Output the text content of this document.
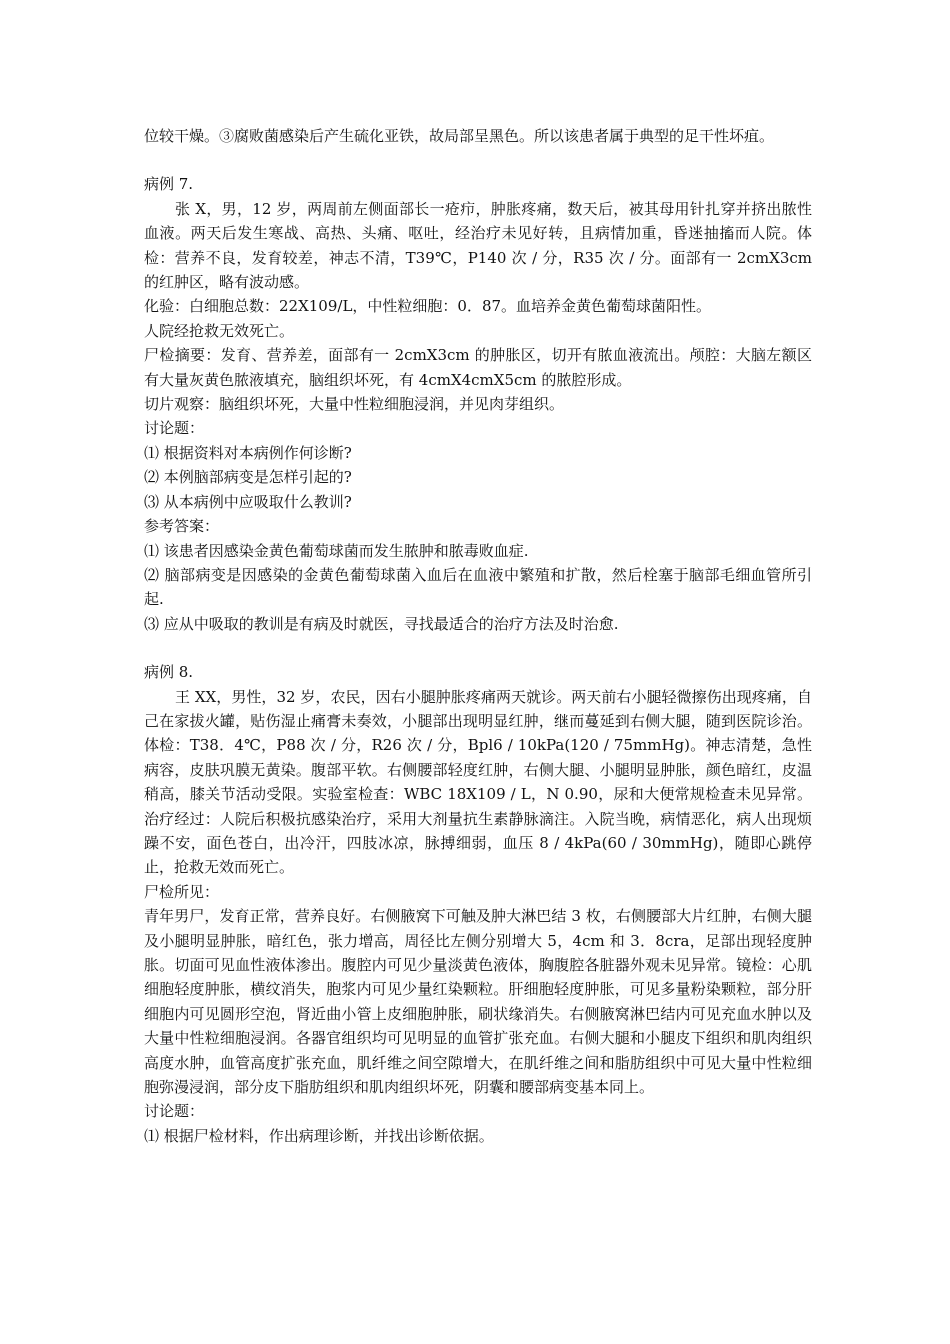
位较干燥。③腐败菌感染后产生硫化亚铁，故局部呈黑色。所以该患者属于典型的足干性坏疽。

病例 7.

张 X，男，12 岁，两周前左侧面部长一疮疖，肿胀疼痛，数天后，被其母用针扎穿并挤出脓性血液。两天后发生寒战、高热、头痛、呕吐，经治疗未见好转，且病情加重，昏迷抽搐而人院。体检：营养不良，发育较差，神志不清，T39℃，P140 次 / 分，R35 次 / 分。面部有一 2cmX3cm 的红肿区，略有波动感。

化验：白细胞总数：22X109/L，中性粒细胞：0．87。血培养金黄色葡萄球菌阳性。

人院经抢救无效死亡。

尸检摘要：发育、营养差，面部有一 2cmX3cm 的肿胀区，切开有脓血液流出。颅腔：大脑左额区有大量灰黄色脓液填充，脑组织坏死，有 4cmX4cmX5cm 的脓腔形成。

切片观察：脑组织坏死，大量中性粒细胞浸润，并见肉芽组织。

讨论题：

⑴ 根据资料对本病例作何诊断?

⑵ 本例脑部病变是怎样引起的?

⑶ 从本病例中应吸取什么教训?

参考答案：

⑴ 该患者因感染金黄色葡萄球菌而发生脓肿和脓毒败血症.

⑵ 脑部病变是因感染的金黄色葡萄球菌入血后在血液中繁殖和扩散，然后栓塞于脑部毛细血管所引起.

⑶ 应从中吸取的教训是有病及时就医，寻找最适合的治疗方法及时治愈.

病例 8.

王 XX，男性，32 岁，农民，因右小腿肿胀疼痛两天就诊。两天前右小腿轻微擦伤出现疼痛，自己在家拔火罐，贴伤湿止痛膏未奏效，小腿部出现明显红肿，继而蔓延到右侧大腿，随到医院诊治。体检：T38．4℃，P88 次 / 分，R26 次 / 分，Bpl6 / 10kPa(120 / 75mmHg)。神志清楚，急性病容，皮肤巩膜无黄染。腹部平软。右侧腰部轻度红肿，右侧大腿、小腿明显肿胀，颜色暗红，皮温稍高，膝关节活动受限。实验室检查：WBC 18X109 / L，N 0.90，尿和大便常规检查未见异常。治疗经过：人院后积极抗感染治疗，采用大剂量抗生素静脉滴注。入院当晚，病情恶化，病人出现烦躁不安，面色苍白，出冷汗，四肢冰凉，脉搏细弱，血压 8 / 4kPa(60 / 30mmHg)，随即心跳停止，抢救无效而死亡。

尸检所见：

青年男尸，发育正常，营养良好。右侧腋窝下可触及肿大淋巴结 3 枚，右侧腰部大片红肿，右侧大腿及小腿明显肿胀，暗红色，张力增高，周径比左侧分别增大 5，4cm 和 3．8cra，足部出现轻度肿胀。切面可见血性液体渗出。腹腔内可见少量淡黄色液体，胸腹腔各脏器外观未见异常。镜检：心肌细胞轻度肿胀，横纹消失，胞浆内可见少量红染颗粒。肝细胞轻度肿胀，可见多量粉染颗粒，部分肝细胞内可见圆形空泡，肾近曲小管上皮细胞肿胀，刷状缘消失。右侧腋窝淋巴结内可见充血水肿以及大量中性粒细胞浸润。各器官组织均可见明显的血管扩张充血。右侧大腿和小腿皮下组织和肌肉组织高度水肿，血管高度扩张充血，肌纤维之间空隙增大，在肌纤维之间和脂肪组织中可见大量中性粒细胞弥漫浸润，部分皮下脂肪组织和肌肉组织坏死，阴囊和腰部病变基本同上。

讨论题：

⑴ 根据尸检材料，作出病理诊断，并找出诊断依据。
